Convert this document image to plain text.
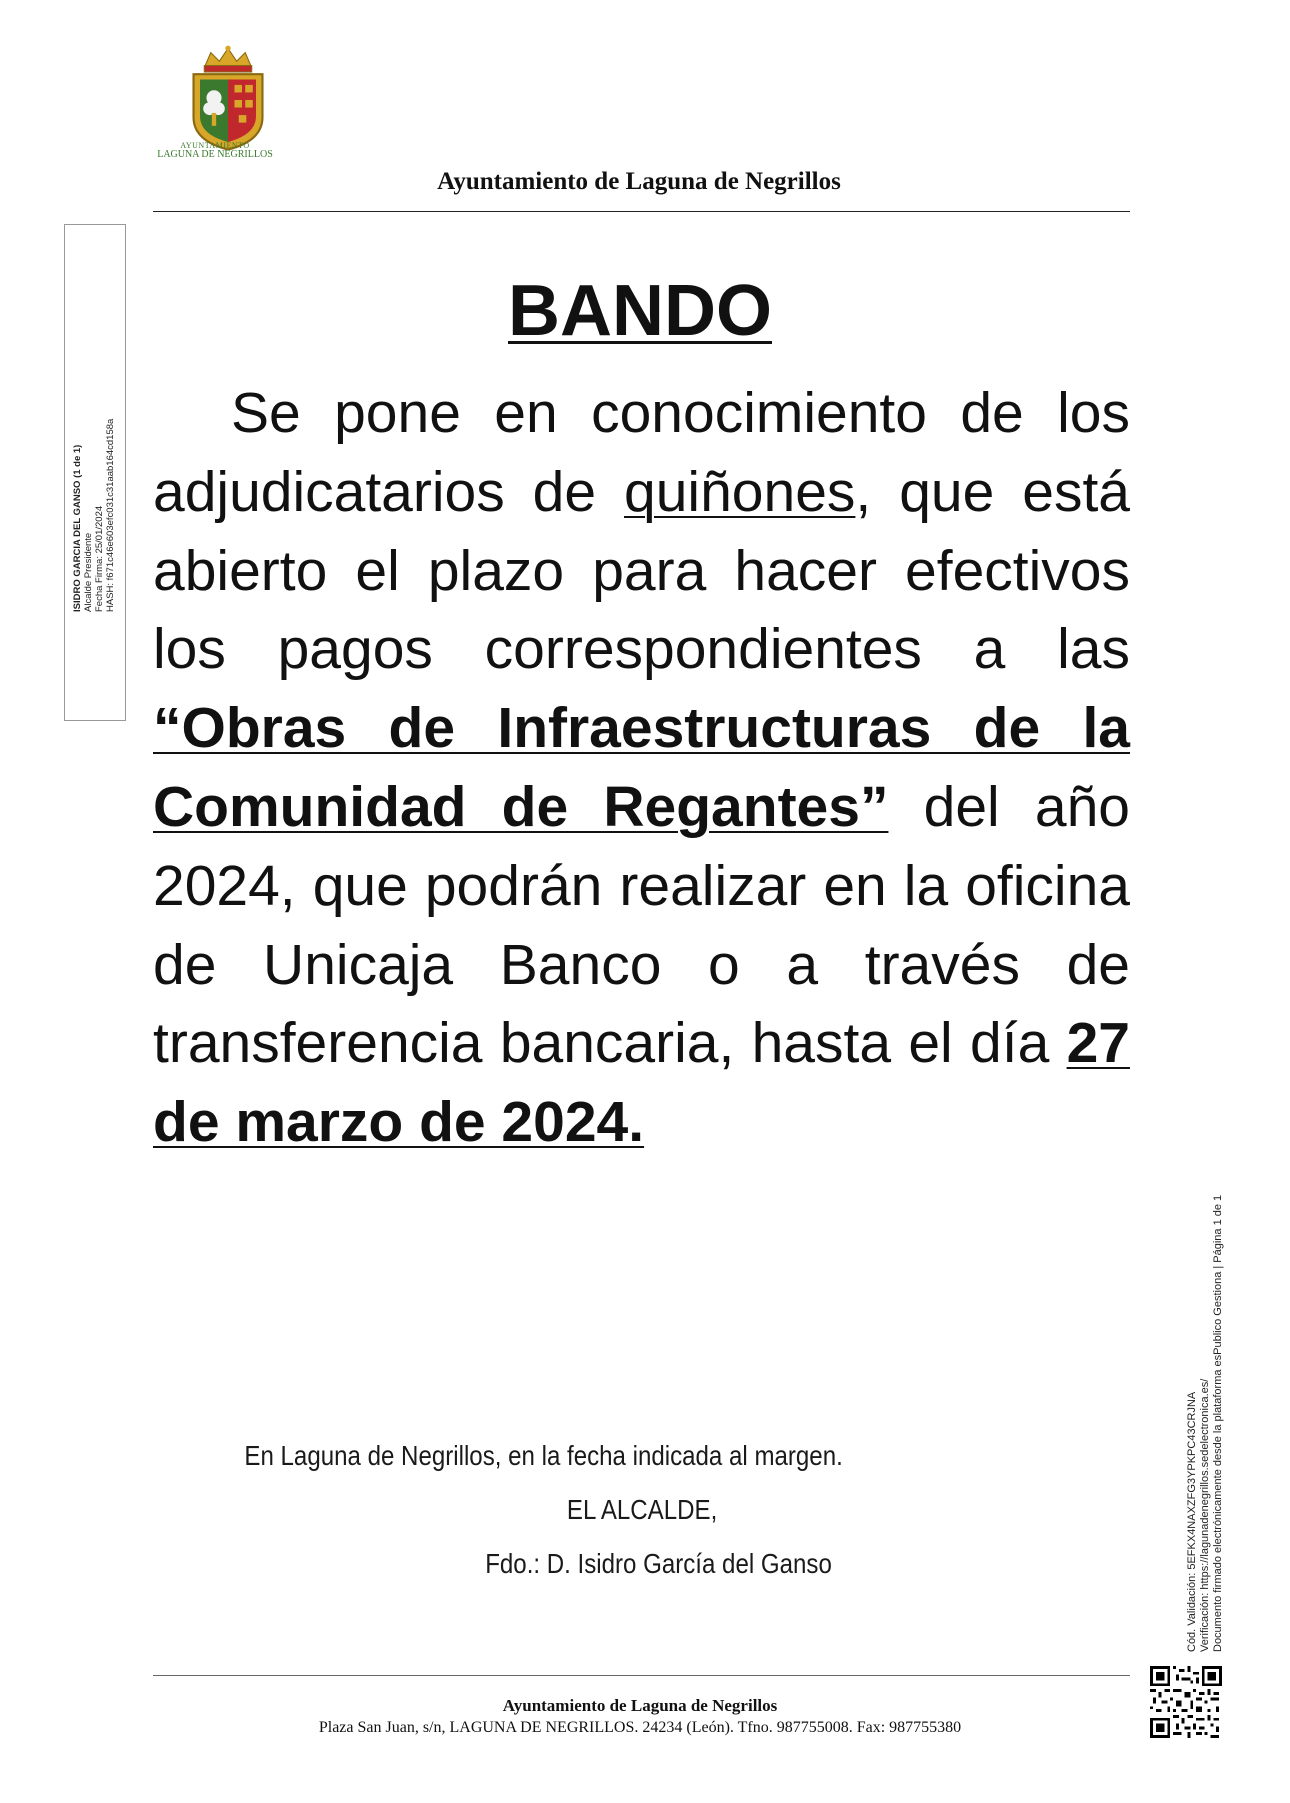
AYUNTAMIENTO
LAGUNA DE NEGRILLOS
Ayuntamiento de Laguna de Negrillos
ISIDRO GARCIA DEL GANSO (1 de 1) Alcalde Presidente Fecha Firma: 25/01/2024 HASH: f671c46e603efc031c31aab164cd158a
BANDO

Se pone en conocimiento de los adjudicatarios de quiñones, que está abierto el plazo para hacer efectivos los pagos correspondientes a las “Obras de Infraestructuras de la Comunidad de Regantes” del año 2024, que podrán realizar en la oficina de Unicaja Banco o a través de transferencia bancaria, hasta el día 27 de marzo de 2024.

En Laguna de Negrillos, en la fecha indicada al margen.
EL ALCALDE,
Fdo.: D. Isidro García del Ganso	Cód. Validación: 5EFKX4NAXZFG3YPKPC43CRJNA Verificación: https://lagunadenegrillos.sedelectronica.es/ Documento firmado electrónicamente desde la plataforma esPublico Gestiona | Página 1 de 1
Ayuntamiento de Laguna de Negrillos
Plaza San Juan, s/n, LAGUNA DE NEGRILLOS. 24234 (León). Tfno. 987755008. Fax: 987755380
